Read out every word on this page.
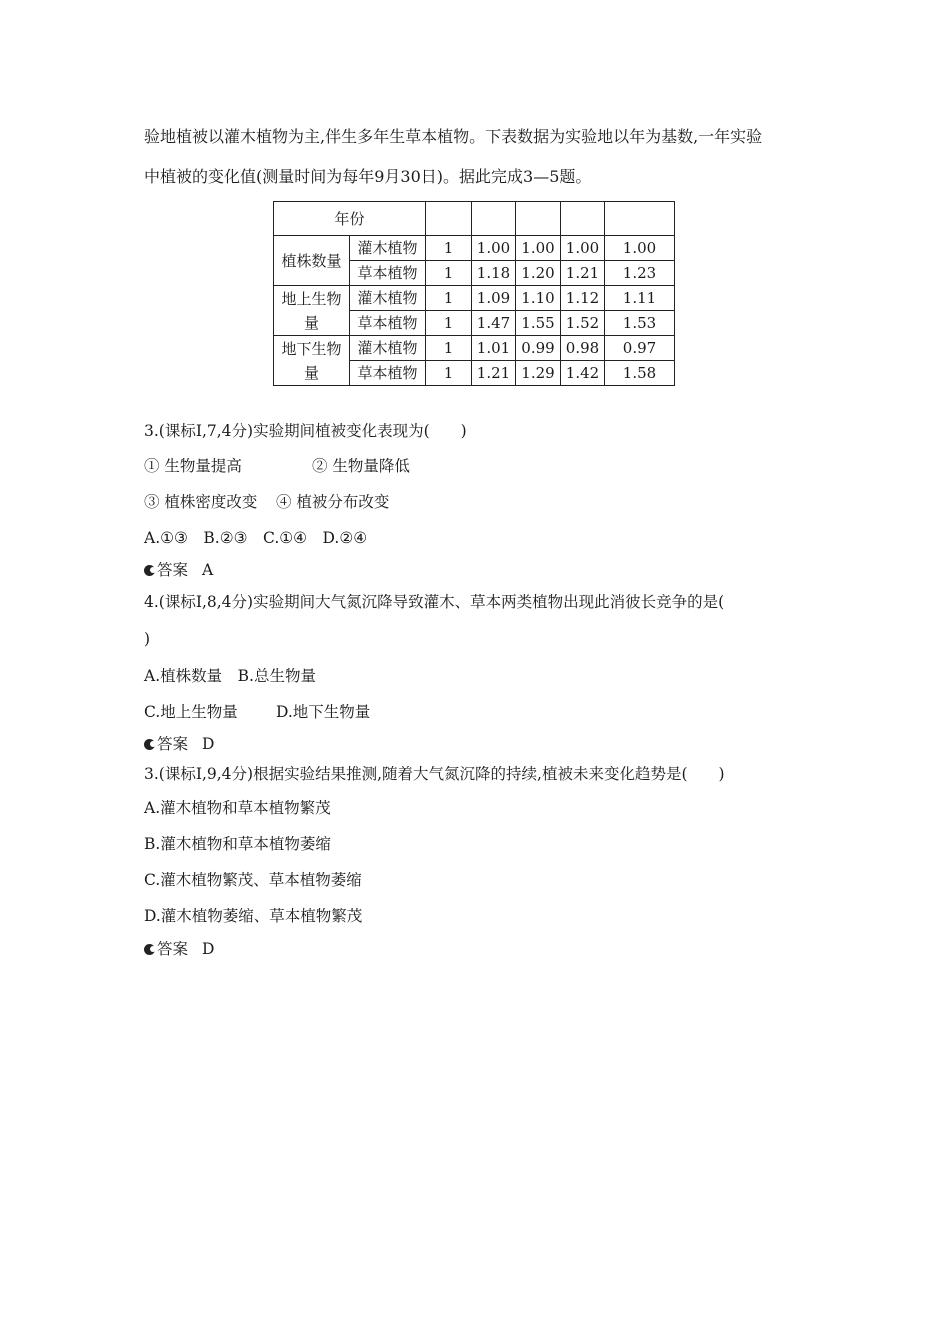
验地植被以灌木植物为主,伴生多年生草本植物。下表数据为实验地以年为基数,一年实验
中植被的变化值(测量时间为每年9月30日)。据此完成3—5题。
年份						
植株数量	灌木植物	1	1.00	1.00	1.00	1.00
	草本植物	1	1.18	1.20	1.21	1.23

地上生物
量	灌木植物	1	1.09	1.10	1.12	1.11
	草本植物	1	1.47	1.55	1.52	1.53

地下生物
量	灌木植物	1	1.01	0.99	0.98	0.97
	草本植物	1	1.21	1.29	1.42	1.58
3.(课标Ⅰ,7,4分)实验期间植被变化表现为(　　)
① 生物量提高	② 生物量降低
③ 植株密度改变 ④ 植被分布改变
A.①③　B.②③　C.①④　D.②④
答案 A
4.(课标Ⅰ,8,4分)实验期间大气氮沉降导致灌木、草本两类植物出现此消彼长竞争的是(
)
A.植株数量　B.总生物量
C.地上生物量 D.地下生物量
答案 D
3.(课标Ⅰ,9,4分)根据实验结果推测,随着大气氮沉降的持续,植被未来变化趋势是(　　)
A.灌木植物和草本植物繁茂
B.灌木植物和草本植物萎缩
C.灌木植物繁茂、草本植物萎缩
D.灌木植物萎缩、草本植物繁茂
答案 D
